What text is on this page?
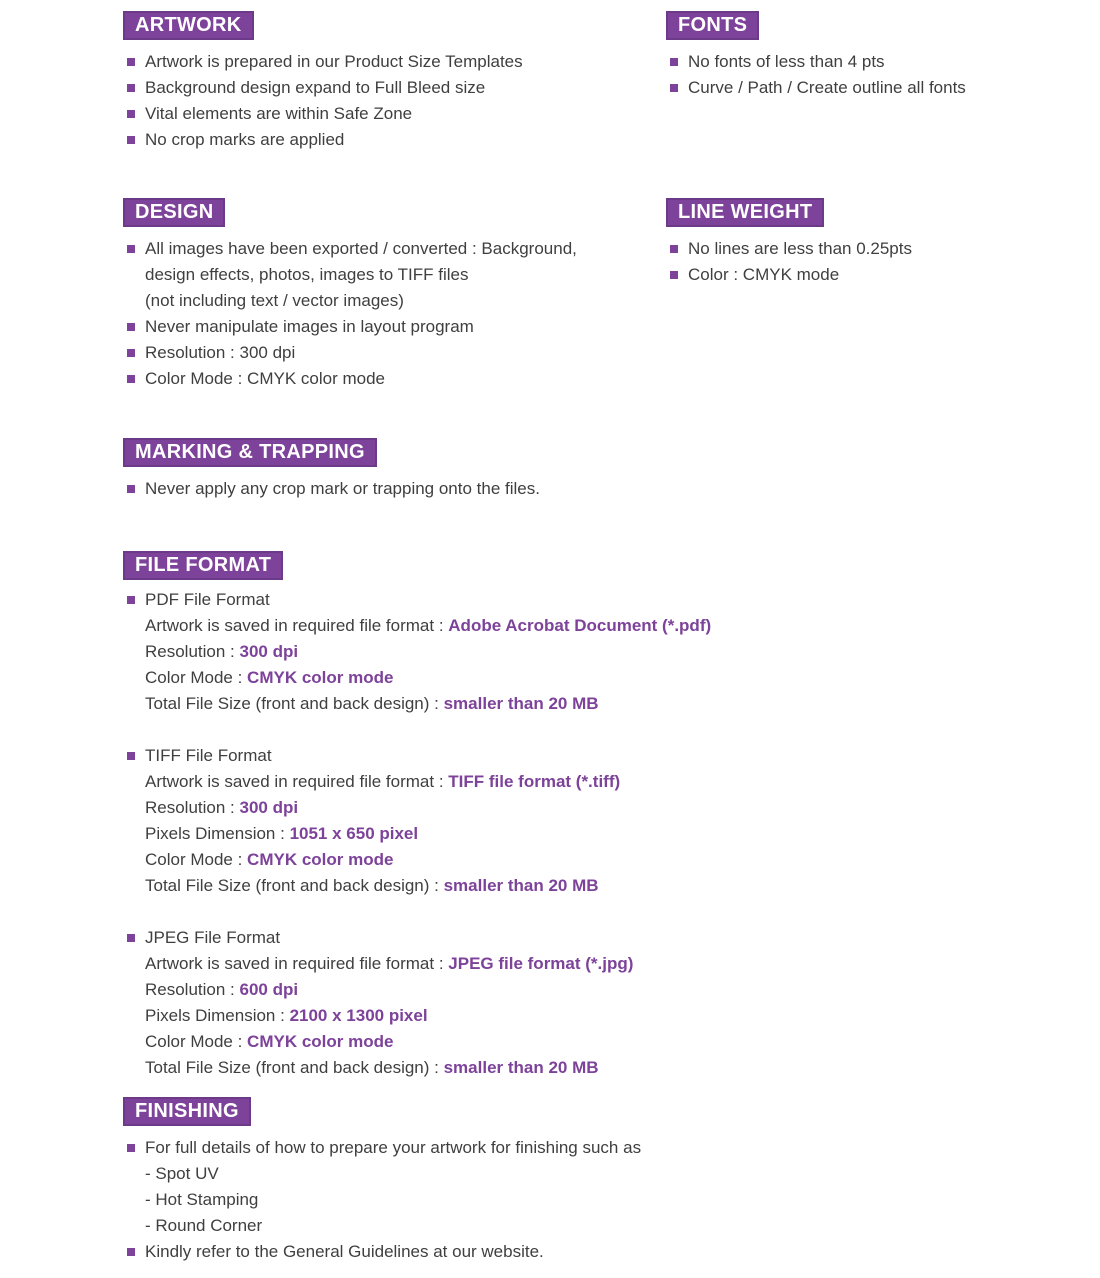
ARTWORK
Artwork is prepared in our Product Size Templates
Background design expand to Full Bleed size
Vital elements are within Safe Zone
No crop marks are applied
FONTS
No fonts of less than 4 pts
Curve / Path / Create outline all fonts
DESIGN
All images have been exported / converted : Background,
design effects, photos, images to TIFF files
(not including text / vector images)
Never manipulate images in layout program
Resolution : 300 dpi
Color Mode : CMYK color mode
LINE WEIGHT
No lines are less than 0.25pts
Color : CMYK mode
MARKING & TRAPPING
Never apply any crop mark or trapping onto the files.
FILE FORMAT
PDF File Format
Artwork is saved in required file format : Adobe Acrobat Document (*.pdf)
Resolution : 300 dpi
Color Mode : CMYK color mode
Total File Size (front and back design) : smaller than 20 MB
TIFF File Format
Artwork is saved in required file format : TIFF file format (*.tiff)
Resolution : 300 dpi
Pixels Dimension : 1051 x 650 pixel
Color Mode : CMYK color mode
Total File Size (front and back design) : smaller than 20 MB
JPEG File Format
Artwork is saved in required file format : JPEG file format (*.jpg)
Resolution : 600 dpi
Pixels Dimension : 2100 x 1300 pixel
Color Mode : CMYK color mode
Total File Size (front and back design) : smaller than 20 MB
FINISHING
For full details of how to prepare your artwork for finishing such as
- Spot UV
- Hot Stamping
- Round Corner
Kindly refer to the General Guidelines at our website.
